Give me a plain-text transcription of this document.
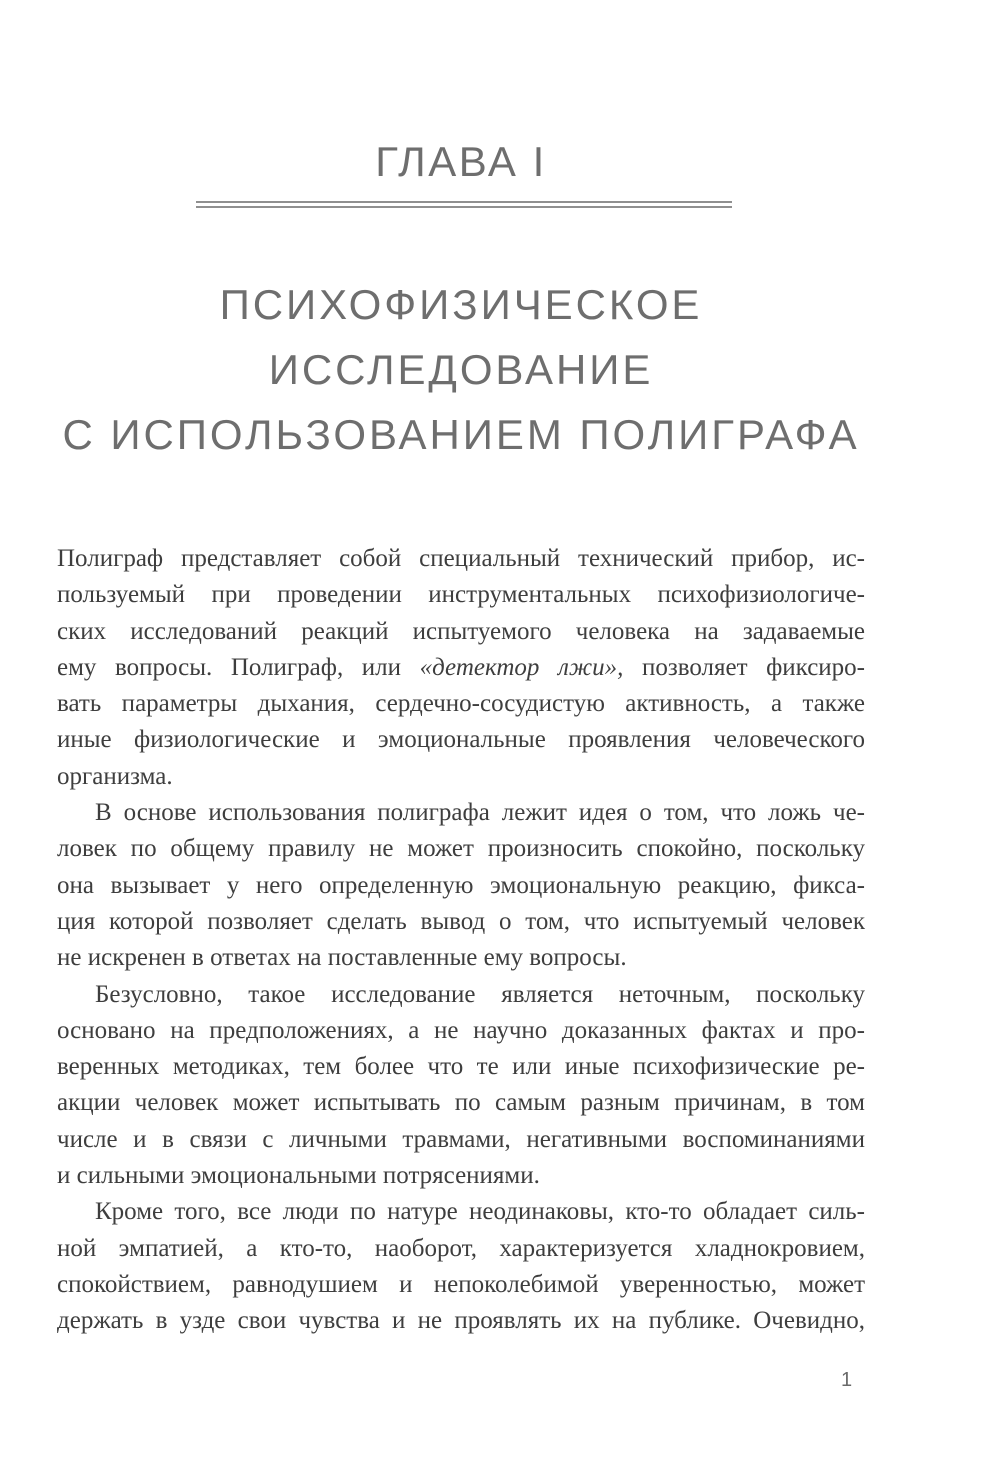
ГЛАВА I
ПСИХОФИЗИЧЕСКОЕ
ИССЛЕДОВАНИЕ
С ИСПОЛЬЗОВАНИЕМ ПОЛИГРАФА
Полиграф представляет собой специальный технический прибор, ис-
пользуемый при проведении инструментальных психофизиологиче-
ских исследований реакций испытуемого человека на задаваемые
ему вопросы. Полиграф, или «детектор лжи», позволяет фиксиро-
вать параметры дыхания, сердечно-сосудистую активность, а также
иные физиологические и эмоциональные проявления человеческого
организма.
В основе использования полиграфа лежит идея о том, что ложь че-
ловек по общему правилу не может произносить спокойно, поскольку
она вызывает у него определенную эмоциональную реакцию, фикса-
ция которой позволяет сделать вывод о том, что испытуемый человек
не искренен в ответах на поставленные ему вопросы.
Безусловно, такое исследование является неточным, поскольку
основано на предположениях, а не научно доказанных фактах и про-
веренных методиках, тем более что те или иные психофизические ре-
акции человек может испытывать по самым разным причинам, в том
числе и в связи с личными травмами, негативными воспоминаниями
и сильными эмоциональными потрясениями.
Кроме того, все люди по натуре неодинаковы, кто-то обладает силь-
ной эмпатией, а кто-то, наоборот, характеризуется хладнокровием,
спокойствием, равнодушием и непоколебимой уверенностью, может
держать в узде свои чувства и не проявлять их на публике. Очевидно,
1
